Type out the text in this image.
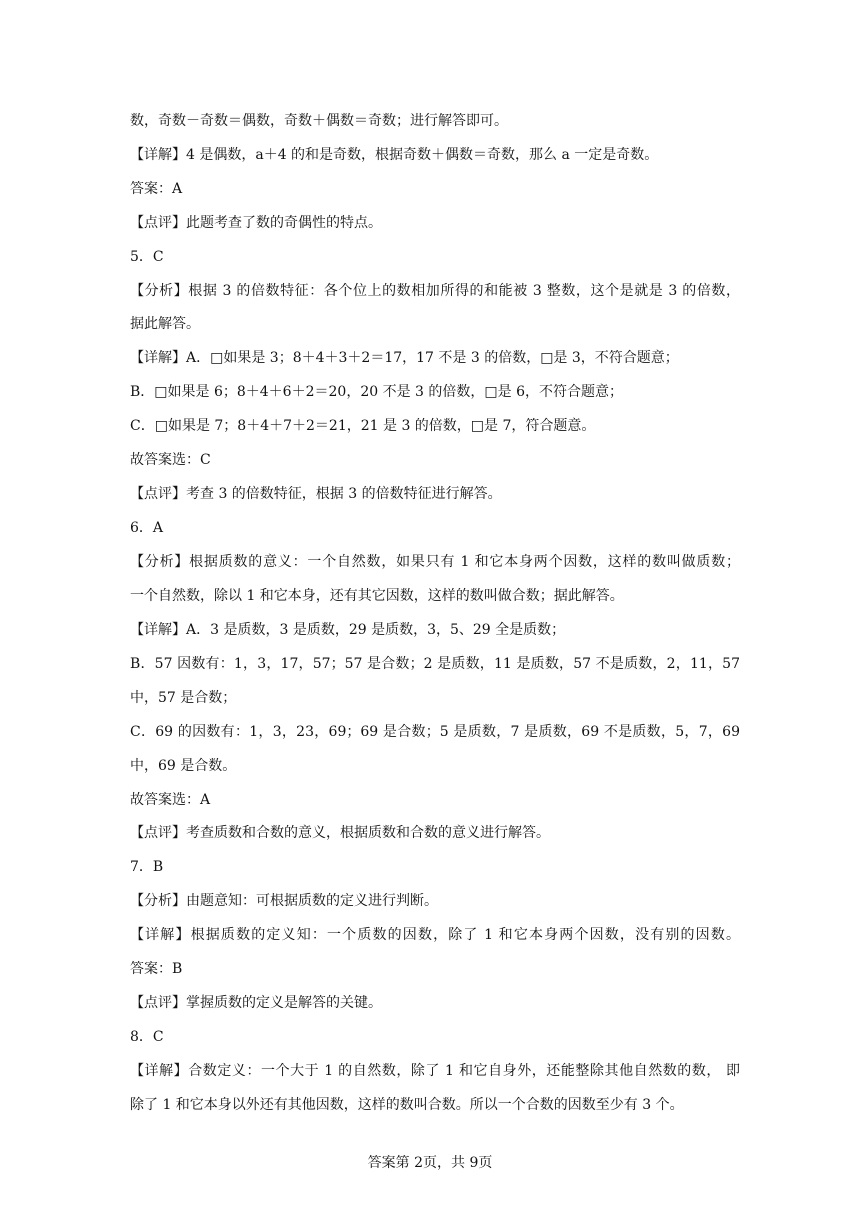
数，奇数－奇数＝偶数，奇数＋偶数＝奇数；进行解答即可。
【详解】4 是偶数，a＋4 的和是奇数，根据奇数＋偶数＝奇数，那么 a 一定是奇数。
答案：A
【点评】此题考查了数的奇偶性的特点。
5．C
【分析】根据 3 的倍数特征：各个位上的数相加所得的和能被 3 整数，这个是就是 3 的倍数，
据此解答。
【详解】A．□如果是 3；8＋4＋3＋2＝17，17 不是 3 的倍数，□是 3，不符合题意；
B．□如果是 6；8＋4＋6＋2＝20，20 不是 3 的倍数，□是 6，不符合题意；
C．□如果是 7；8＋4＋7＋2＝21，21 是 3 的倍数，□是 7，符合题意。
故答案选：C
【点评】考查 3 的倍数特征，根据 3 的倍数特征进行解答。
6．A
【分析】根据质数的意义：一个自然数，如果只有 1 和它本身两个因数，这样的数叫做质数；
一个自然数，除以 1 和它本身，还有其它因数，这样的数叫做合数；据此解答。
【详解】A．3 是质数，3 是质数，29 是质数，3，5、29 全是质数；
B．57 因数有：1，3，17，57；57 是合数；2 是质数，11 是质数，57 不是质数，2，11，57
中，57 是合数；
C．69 的因数有：1，3，23，69；69 是合数；5 是质数，7 是质数，69 不是质数，5，7，69
中，69 是合数。
故答案选：A
【点评】考查质数和合数的意义，根据质数和合数的意义进行解答。
7．B
【分析】由题意知：可根据质数的定义进行判断。
【详解】根据质数的定义知：一个质数的因数，除了 1 和它本身两个因数，没有别的因数。
答案：B
【点评】掌握质数的定义是解答的关键。
8．C
【详解】合数定义：一个大于 1 的自然数，除了 1 和它自身外，还能整除其他自然数的数， 即
除了 1 和它本身以外还有其他因数，这样的数叫合数。所以一个合数的因数至少有 3 个。
答案第 2页，共 9页
